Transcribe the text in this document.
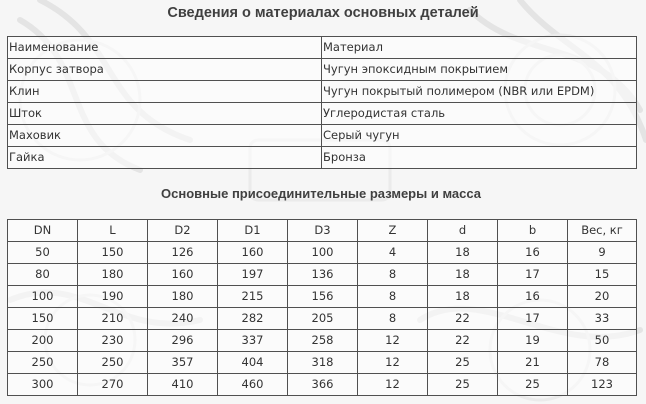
Сведения о материалах основных деталей
Наименование	Материал
Корпус затвора	Чугун эпоксидным покрытием
Клин	Чугун покрытый полимером (NBR или EPDM)
Шток	Углеродистая сталь
Маховик	Серый чугун
Гайка	Бронза
Основные присоединительные размеры и масса
DN	L	D2	D1	D3	Z	d	b	Вес, кг
50	150	126	160	100	4	18	16	9
80	180	160	197	136	8	18	17	15
100	190	180	215	156	8	18	16	20
150	210	240	282	205	8	22	17	33
200	230	296	337	258	12	22	19	50
250	250	357	404	318	12	25	21	78
300	270	410	460	366	12	25	25	123
